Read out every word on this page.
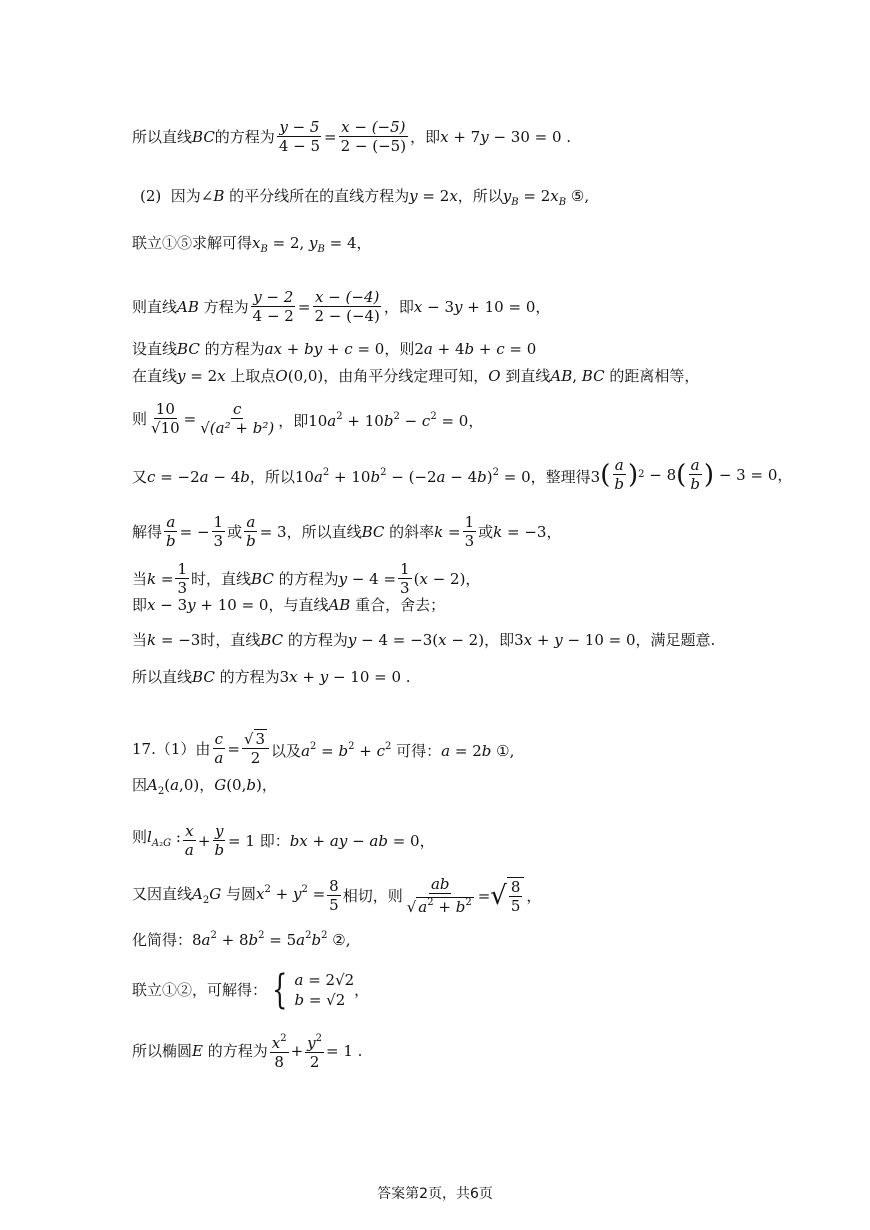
所以直线BC的方程为 $\frac{y - 5}{4 - 5} = \frac{x - (-5)}{2 - (-5)}$ ，即x + 7y − 30 = 0 .
(2)  因为∠B 的平分线所在的直线方程为y = 2x，所以$y_B = 2x_B$ ⑤,
联立①⑤求解可得$x_B = 2$, $y_B = 4$，
则直线AB 方程为 $\frac{y - 2}{4 - 2} = \frac{x - (-4)}{2 - (-4)}$ ，即x − 3y + 10 = 0，
设直线BC 的方程为ax + by + c = 0，则2a + 4b + c = 0
在直线y = 2x 上取点O(0,0)，由角平分线定理可知，O 到直线AB, BC 的距离相等，
则 $\frac{10}{√10} = \frac{c}{\text{√(a² + b²)}}$ ，即$10a^2 + 10b^2 - c^2 = 0$，
又c = −2a − 4b，所以$10a^2 + 10b^2 - (-2a - 4b)^2 = 0$，整理得3 ( $\frac{a}{b}$ ) 2 − 8 ( $\frac{a}{b}$ ) − 3 = 0，
解得 $\frac{a}{b}$ = − $\frac{1}{3}$ 或 $\frac{a}{b} = 3$，所以直线BC 的斜率$k = \frac{1}{3}$ 或k = −3，
当$k = \frac{1}{3}$ 时，直线BC 的方程为$y - 4 = \frac{1}{3} (x - 2)$，
即x − 3y + 10 = 0，与直线AB 重合，舍去；
当k = −3时，直线BC 的方程为y − 4 = −3(x − 2)，即3x + y − 10 = 0，满足题意.
所以直线BC 的方程为3x + y − 10 = 0 .
17.（1）由 $\frac{c}{a} = \frac{√ 3}{2}$ 以及$a^2 = b^2 + c^2$ 可得：a = 2b ①,
因$A_2(a,0)$，G(0,b)，
则$l_{A_2G}$ : $\frac{x}{a} + \frac{y}{b} = 1$ 即：bx + ay − ab = 0，
又因直线$A_2G$ 与圆$x^2 + y^2 = \frac{8}{5}$ 相切，则 $\frac{ab}{√ a^2 + b^2}$ = √ $\frac{8}{5}$ ，
化简得：$8a^2 + 8b^2 = 5a^2b^2$ ②,
联立①②，可解得： { a = 2√2
b = √2
，
所以椭圆E 的方程为 $\frac{x^2}{8} + \frac{y^2}{2} = 1$ .
答案第2页，共6页
